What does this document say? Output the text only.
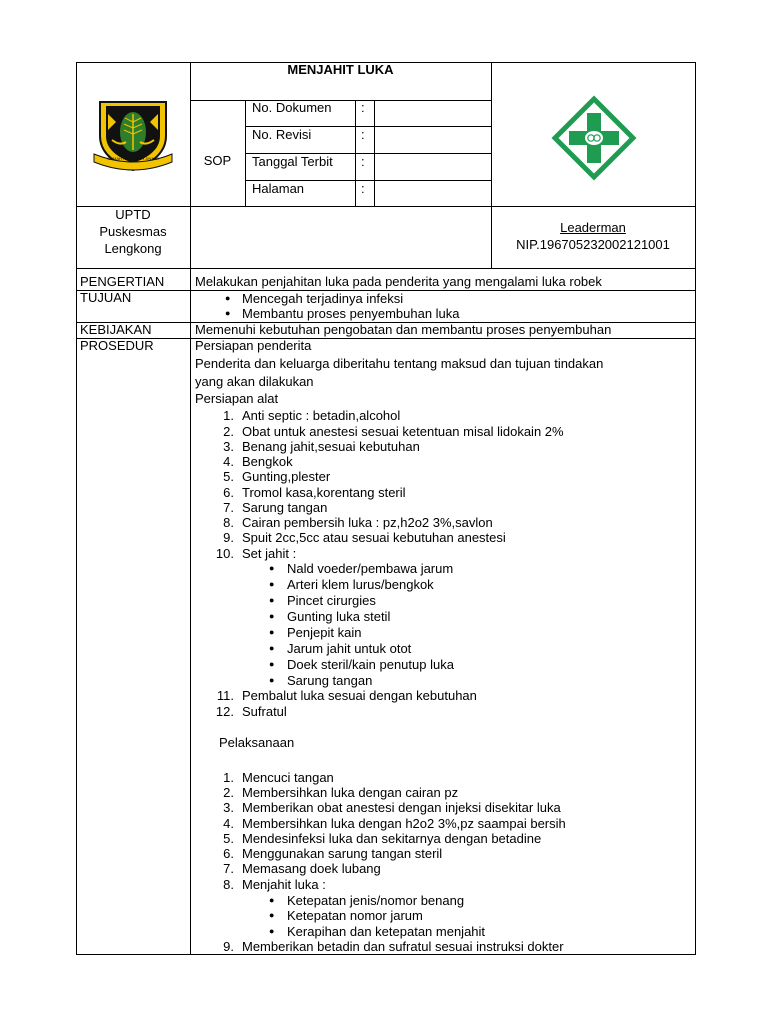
GEMAH RIPAH LOH JINAWI
MENJAHIT LUKA
SOP
No. Dokumen :
No. Revisi	:
Tanggal Terbit :
Halaman	:
UPTD
Puskesmas
Lengkong
Leaderman
NIP.196705232002121001
PENGERTIAN Melakukan penjahitan luka pada penderita yang mengalami luka robek
TUJUAN	● Mencegah terjadinya infeksi
● Membantu proses penyembuhan luka
KEBIJAKAN	Memenuhi kebutuhan pengobatan dan membantu proses penyembuhan
PROSEDUR	Persiapan penderita
Penderita dan keluarga diberitahu tentang maksud dan tujuan tindakan
yang akan dilakukan
Persiapan alat
1. Anti septic : betadin,alcohol
2. Obat untuk anestesi sesuai ketentuan misal lidokain 2%
3. Benang jahit,sesuai kebutuhan
4. Bengkok
5. Gunting,plester
6. Tromol kasa,korentang steril
7. Sarung tangan
8. Cairan pembersih luka : pz,h2o2 3%,savlon
9. Spuit 2cc,5cc atau sesuai kebutuhan anestesi
10. Set jahit :
● Nald voeder/pembawa jarum
● Arteri klem lurus/bengkok
● Pincet cirurgies
● Gunting luka stetil
● Penjepit kain
● Jarum jahit untuk otot
● Doek steril/kain penutup luka
● Sarung tangan
11. Pembalut luka sesuai dengan kebutuhan
12. Sufratul
Pelaksanaan
1. Mencuci tangan
2. Membersihkan luka dengan cairan pz
3. Memberikan obat anestesi dengan injeksi disekitar luka
4. Membersihkan luka dengan h2o2 3%,pz saampai bersih
5. Mendesinfeksi luka dan sekitarnya dengan betadine
6. Menggunakan sarung tangan steril
7. Memasang doek lubang
8. Menjahit luka :
● Ketepatan jenis/nomor benang
● Ketepatan nomor jarum
● Kerapihan dan ketepatan menjahit
9. Memberikan betadin dan sufratul sesuai instruksi dokter
